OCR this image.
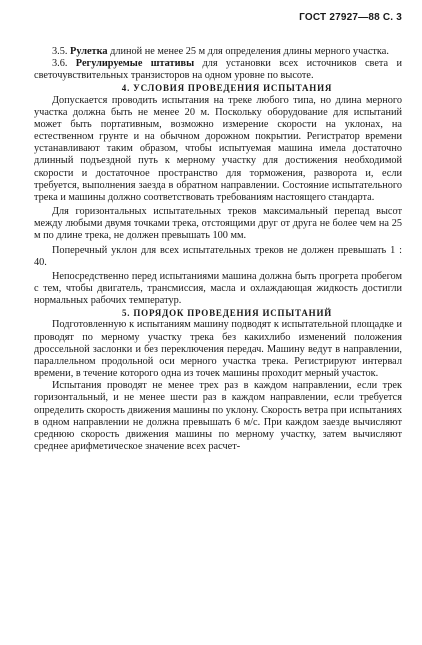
ГОСТ 27927—88 С. 3

3.5. Рулетка длиной не менее 25 м для определения длины мерного участка.

3.6. Регулируемые штативы для установки всех источников света и светочувствительных транзисторов на одном уровне по высоте.

4. УСЛОВИЯ ПРОВЕДЕНИЯ ИСПЫТАНИЯ

Допускается проводить испытания на треке любого типа, но длина мерного участка должна быть не менее 20 м. Поскольку оборудование для испытаний может быть портативным, возможно измерение скорости на уклонах, на естественном грунте и на обычном дорожном покрытии. Регистратор времени устанавливают таким образом, чтобы испытуемая машина имела достаточно длинный подъездной путь к мерному участку для достижения необходимой скорости и достаточное пространство для торможения, разворота и, если требуется, выполнения заезда в обратном направлении. Состояние испытательного трека и машины должно соответствовать требованиям настоящего стандарта.

Для горизонтальных испытательных треков максимальный перепад высот между любыми двумя точками трека, отстоящими друг от друга не более чем на 25 м по длине трека, не должен превышать 100 мм.

Поперечный уклон для всех испытательных треков не должен превышать 1 : 40.

Непосредственно перед испытаниями машина должна быть прогрета пробегом с тем, чтобы двигатель, трансмиссия, масла и охлаждающая жидкость достигли нормальных рабочих температур.

5. ПОРЯДОК ПРОВЕДЕНИЯ ИСПЫТАНИЙ

Подготовленную к испытаниям машину подводят к испытательной площадке и проводят по мерному участку трека без какихлибо изменений положения дроссельной заслонки и без переключения передач. Машину ведут в направлении, параллельном продольной оси мерного участка трека. Регистрируют интервал времени, в течение которого одна из точек машины проходит мерный участок.

Испытания проводят не менее трех раз в каждом направлении, если трек горизонтальный, и не менее шести раз в каждом направлении, если требуется определить скорость движения машины по уклону. Скорость ветра при испытаниях в одном направлении не должна превышать 6 м/с. При каждом заезде вычисляют среднюю скорость движения машины по мерному участку, затем вычисляют среднее арифметическое значение всех расчет-
